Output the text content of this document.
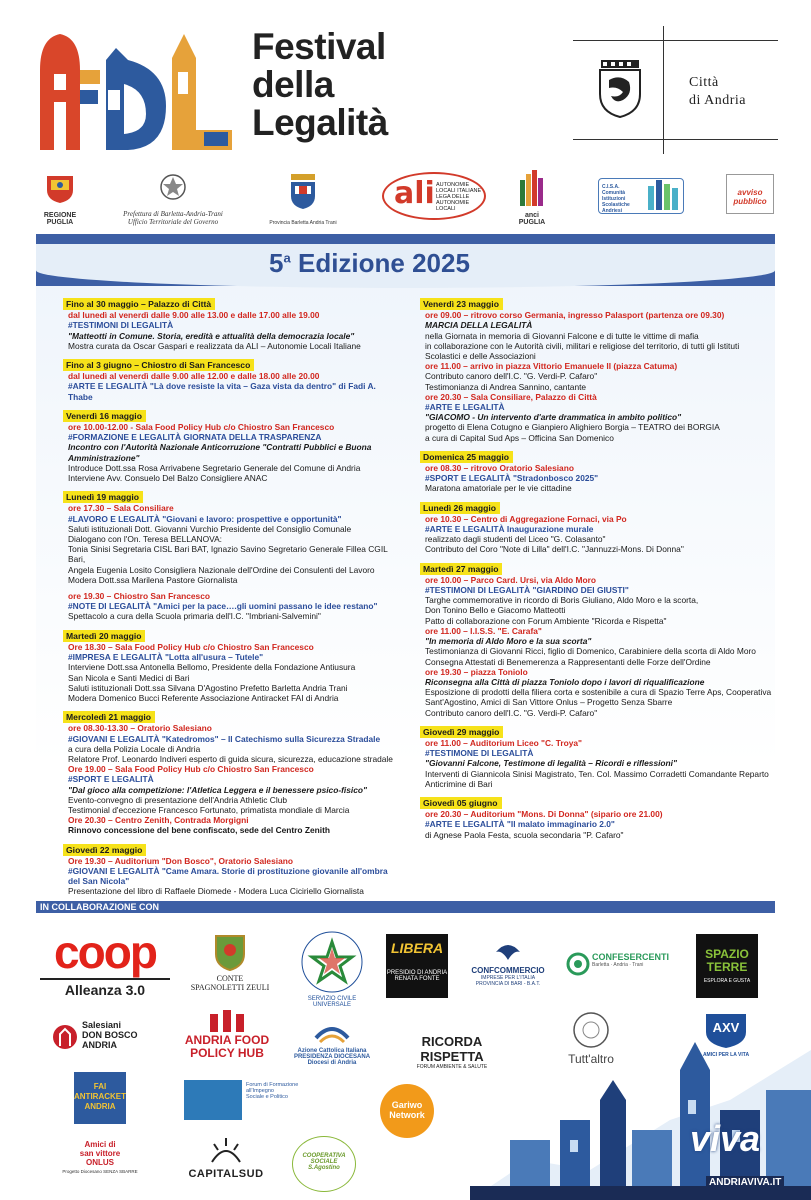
Festival
della
Legalità
Città
di Andria
REGIONE PUGLIA
Prefettura di Barletta-Andria-Trani
Ufficio Territoriale del Governo	Provincia Barletta Andria Trani
ali AUTONOMIE LOCALI ITALIANE
LEGA DELLE AUTONOMIE LOCALI
anci PUGLIA
C.I.S.A.
Comunità Istituzioni Scolastiche Andriesi
avviso pubblico
5$^a$ Edizione 2025
Fino al 30 maggio – Palazzo di Città
dal lunedì al venerdì dalle 9.00 alle 13.00 e dalle 17.00 alle 19.00
#TESTIMONI DI LEGALITÀ
"Matteotti in Comune. Storia, eredità e attualità della democrazia locale"
Mostra curata da Oscar Gaspari e realizzata da ALI – Autonomie Locali Italiane
Fino al 3 giugno – Chiostro di San Francesco
dal lunedì al venerdì dalle 9.00 alle 12.00 e dalle 18.00 alle 20.00
#ARTE E LEGALITÀ "Là dove resiste la vita – Gaza vista da dentro" di Fadi A. Thabe
Venerdì 16 maggio
ore 10.00-12.00 - Sala Food Policy Hub c/o Chiostro San Francesco
#FORMAZIONE E LEGALITÀ GIORNATA DELLA TRASPARENZA
Incontro con l'Autorità Nazionale Anticorruzione "Contratti Pubblici e Buona Amministrazione"
Introduce Dott.ssa Rosa Arrivabene Segretario Generale del Comune di Andria
Interviene Avv. Consuelo Del Balzo Consigliere ANAC
Lunedì 19 maggio
ore 17.30 – Sala Consiliare
#LAVORO E LEGALITÀ "Giovani e lavoro: prospettive e opportunità"
Saluti istituzionali Dott. Giovanni Vurchio Presidente del Consiglio Comunale
Dialogano con l'On. Teresa BELLANOVA:
Tonia Sinisi Segretaria CISL Bari BAT, Ignazio Savino Segretario Generale Fillea CGIL Bari,
Angela Eugenia Losito Consigliera Nazionale dell'Ordine dei Consulenti del Lavoro
Modera Dott.ssa Marilena Pastore Giornalista
ore 19.30 – Chiostro San Francesco
#NOTE DI LEGALITÀ "Amici per la pace….gli uomini passano le idee restano"
Spettacolo a cura della Scuola primaria dell'I.C. "Imbriani-Salvemini"
Martedì 20 maggio
Ore 18.30 – Sala Food Policy Hub c/o Chiostro San Francesco
#IMPRESA E LEGALITÀ "Lotta all'usura – Tutele"
Interviene Dott.ssa Antonella Bellomo, Presidente della Fondazione Antiusura
San Nicola e Santi Medici di Bari
Saluti istituzionali Dott.ssa Silvana D'Agostino Prefetto Barletta Andria Trani
Modera Domenico Bucci Referente Associazione Antiracket FAI di Andria
Mercoledì 21 maggio
ore 08.30-13.30 – Oratorio Salesiano
#GIOVANI E LEGALITÀ "Katedromos" – Il Catechismo sulla Sicurezza Stradale
a cura della Polizia Locale di Andria
Relatore Prof. Leonardo Indiveri esperto di guida sicura, sicurezza, educazione stradale
Ore 19.00 – Sala Food Policy Hub c/o Chiostro San Francesco
#SPORT E LEGALITÀ
"Dal gioco alla competizione: l'Atletica Leggera e il benessere psico-fisico"
Evento-convegno di presentazione dell'Andria Athletic Club
Testimonial d'eccezione Francesco Fortunato, primatista mondiale di Marcia
Ore 20.30 – Centro Zenith, Contrada Morgigni
Rinnovo concessione del bene confiscato, sede del Centro Zenith
Giovedì 22 maggio
Ore 19.30 – Auditorium "Don Bosco", Oratorio Salesiano
#GIOVANI E LEGALITÀ "Came Amara. Storie di prostituzione giovanile all'ombra del San Nicola"
Presentazione del libro di Raffaele Diomede - Modera Luca Ciciriello Giornalista
Venerdì 23 maggio
ore 09.00 – ritrovo corso Germania, ingresso Palasport (partenza ore 09.30)
MARCIA DELLA LEGALITÀ
nella Giornata in memoria di Giovanni Falcone e di tutte le vittime di mafia
in collaborazione con le Autorità civili, militari e religiose del territorio, di tutti gli Istituti
Scolastici e delle Associazioni
ore 11.00 – arrivo in piazza Vittorio Emanuele II (piazza Catuma)
Contributo canoro dell'I.C. "G. Verdi-P. Cafaro"
Testimonianza di Andrea Sannino, cantante
ore 20.30 – Sala Consiliare, Palazzo di Città
#ARTE E LEGALITÀ
"GIACOMO - Un intervento d'arte drammatica in ambito politico"
progetto di Elena Cotugno e Gianpiero Alighiero Borgia – TEATRO dei BORGIA
a cura di Capital Sud Aps – Officina San Domenico
Domenica 25 maggio
ore 08.30 – ritrovo Oratorio Salesiano
#SPORT E LEGALITÀ "Stradonbosco 2025"
Maratona amatoriale per le vie cittadine
Lunedì 26 maggio
ore 10.30 – Centro di Aggregazione Fornaci, via Po
#ARTE E LEGALITÀ Inaugurazione murale
realizzato dagli studenti del Liceo "G. Colasanto"
Contributo del Coro "Note di Lilla" dell'I.C. "Jannuzzi-Mons. Di Donna"
Martedì 27 maggio
ore 10.00 – Parco Card. Ursi, via Aldo Moro
#TESTIMONI DI LEGALITÀ "GIARDINO DEI GIUSTI"
Targhe commemorative in ricordo di Boris Giuliano, Aldo Moro e la scorta,
Don Tonino Bello e Giacomo Matteotti
Patto di collaborazione con Forum Ambiente "Ricorda e Rispetta"
ore 11.00 – I.I.S.S. "E. Carafa"
"In memoria di Aldo Moro e la sua scorta"
Testimonianza di Giovanni Ricci, figlio di Domenico, Carabiniere della scorta di Aldo Moro
Consegna Attestati di Benemerenza a Rappresentanti delle Forze dell'Ordine
ore 19.30 – piazza Toniolo
Riconsegna alla Città di piazza Toniolo dopo i lavori di riqualificazione
Esposizione di prodotti della filiera corta e sostenibile a cura di Spazio Terre Aps, Cooperativa
Sant'Agostino, Amici di San Vittore Onlus – Progetto Senza Sbarre
Contributo canoro dell'I.C. "G. Verdi-P. Cafaro"
Giovedì 29 maggio
ore 11.00 – Auditorium Liceo "C. Troya"
#TESTIMONE DI LEGALITÀ
"Giovanni Falcone, Testimone di legalità – Ricordi e riflessioni"
Interventi di Giannicola Sinisi Magistrato, Ten. Col. Massimo Corradetti Comandante Reparto
Anticrimine di Bari
Giovedì 05 giugno
ore 20.30 – Auditorium "Mons. Di Donna" (sipario ore 21.00)
#ARTE E LEGALITÀ "Il malato immaginario 2.0"
di Agnese Paola Festa, scuola secondaria "P. Cafaro"
IN COLLABORAZIONE CON
coop
Alleanza 3.0
CONTE
SPAGNOLETTI ZEULI
SERVIZIO CIVILE UNIVERSALE
LIBERA
PRESIDIO DI ANDRIA
RENATA FONTE
CONFCOMMERCIO
IMPRESE PER L'ITALIA
PROVINCIA DI BARI - B.A.T.
CONFESERCENTI
Barletta · Andria · Trani
SPAZIO
TERRE
ESPLORA E GUSTA
Salesiani
DON BOSCO
ANDRIA	ANDRIA FOOD
POLICY HUB	Azione Cattolica Italiana
PRESIDENZA DIOCESANA
Diocesi di Andria
RICORDA RISPETTA
FORUM AMBIENTE & SALUTE
Tutt'altro
AXV
AMICI PER LA VITA
FAI
ANTIRACKET
ANDRIA
Forum di Formazione
all'Impegno
Sociale e Politico
Gariwo
Network
Amici di
san vittore
ONLUS
Progetto Diocesano SENZA SBARRE	CAPITALSUD
COOPERATIVA SOCIALE
S.Agostino
viva
ANDRIAVIVA.IT
